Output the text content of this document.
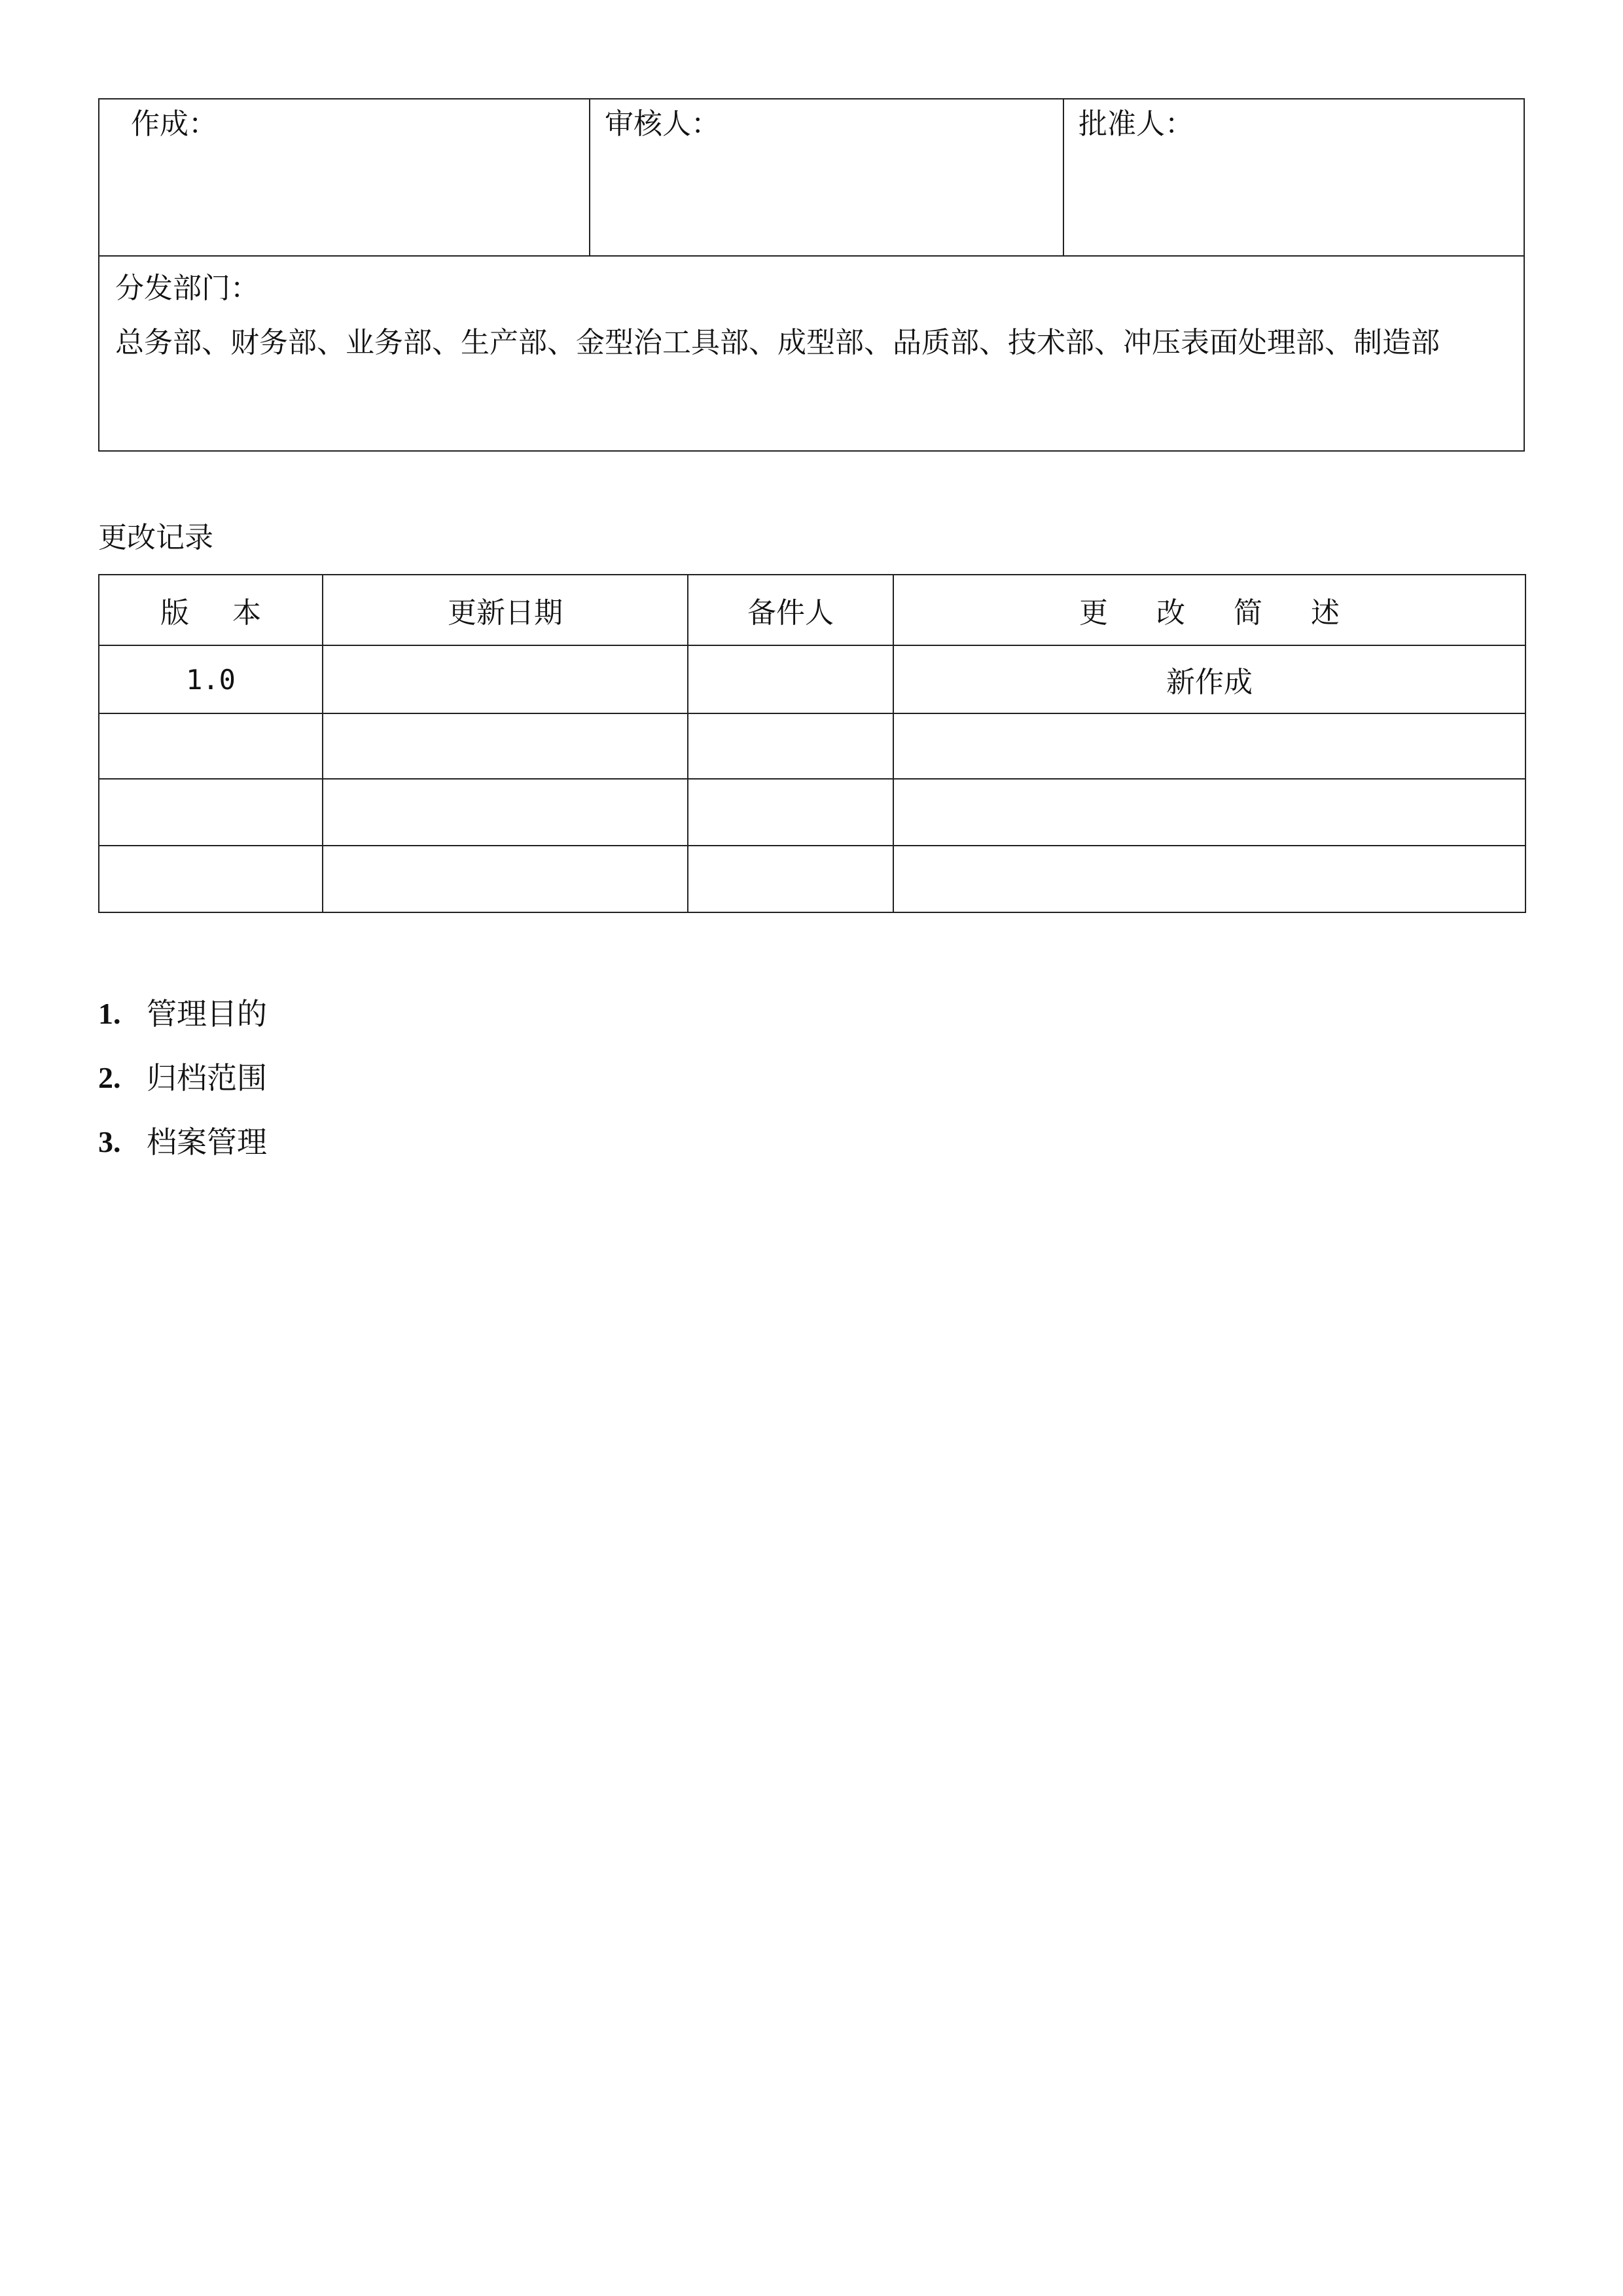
作成：	审核人：	批准人：

分发部门：
总务部、财务部、业务部、生产部、金型治工具部、成型部、品质部、技术部、冲压表面处理部、制造部
更改记录
版 本	更新日期	备件人	更 改 简 述
1.0			新作成

1. 管理目的
2. 归档范围
3. 档案管理
